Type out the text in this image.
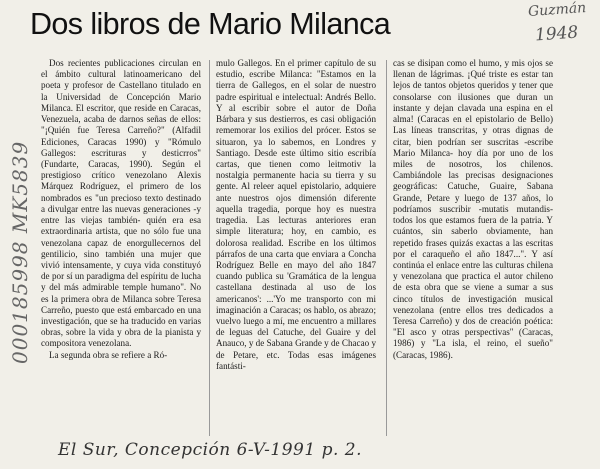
Dos libros de Mario Milanca	Guzmán
1948
000185998 MK5839

Dos recientes publicaciones circulan en el ámbito cultural latinoamericano del poeta y profesor de Castellano titulado en la Universidad de Concepción Mario Milanca. El escritor, que reside en Caracas, Venezuela, acaba de darnos señas de ellos: "¡Quién fue Teresa Carreño?" (Alfadil Ediciones, Caracas 1990) y "Rómulo Gallegos: escrituras y desticrros" (Fundarte, Caracas, 1990). Según el prestigioso crítico venezolano Alexis Márquez Rodríguez, el primero de los nombrados es "un precioso texto destinado a divulgar entre las nuevas generaciones -y entre las viejas también- quién era esa extraordinaria artista, que no sólo fue una venezolana capaz de enorgullecernos del gentilicio, sino también una mujer que vivió intensamente, y cuya vida constituyó de por sí un paradigma del espíritu de lucha y del más admirable temple humano". No es la primera obra de Milanca sobre Teresa Carreño, puesto que está embarcado en una investigación, que se ha traducido en varias obras, sobre la vida y obra de la pianista y compositora venezolana.

La segunda obra se refiere a Ró-

mulo Gallegos. En el primer capítulo de su estudio, escribe Milanca: "Estamos en la tierra de Gallegos, en el solar de nuestro padre espiritual e intelectual: Andrés Bello. Y al escribir sobre el autor de Doña Bárbara y sus destierros, es casi obligación rememorar los exilios del prócer. Estos se situaron, ya lo sabemos, en Londres y Santiago. Desde este último sitio escribía cartas, que tienen como leitmotiv la nostalgia permanente hacia su tierra y su gente. Al releer aquel epistolario, adquiere ante nuestros ojos dimensión diferente aquella tragedia, porque hoy es nuestra tragedia. Las lecturas anteriores eran simple literatura; hoy, en cambio, es dolorosa realidad. Escribe en los últimos párrafos de una carta que enviara a Concha Rodríguez Belle en mayo del año 1847 cuando publica su 'Gramática de la lengua castellana destinada al uso de los americanos': ...'Yo me transporto con mi imaginación a Caracas; os hablo, os abrazo; vuelvo luego a mí, me encuentro a millares de leguas del Catuche, del Guaire y del Anauco, y de Sabana Grande y de Chacao y de Petare, etc. Todas esas imágenes fantásti-

cas se disipan como el humo, y mis ojos se llenan de lágrimas. ¡Qué triste es estar tan lejos de tantos objetos queridos y tener que consolarse con ilusiones que duran un instante y dejan clavada una espina en el alma! (Caracas en el epistolario de Bello) Las líneas transcritas, y otras dignas de citar, bien podrían ser suscritas -escribe Mario Milanca- hoy día por uno de los miles de nosotros, los chilenos. Cambiándole las precisas designaciones geográficas: Catuche, Guaire, Sabana Grande, Petare y luego de 137 años, lo podríamos suscribir -mutatis mutandis- todos los que estamos fuera de la patria. Y cuántos, sin saberlo obviamente, han repetido frases quizás exactas a las escritas por el caraqueño el año 1847...". Y así continúa el enlace entre las culturas chilena y venezolana que practica el autor chileno de esta obra que se viene a sumar a sus cinco títulos de investigación musical venezolana (entre ellos tres dedicados a Teresa Carreño) y dos de creación poética: "El asco y otras perspectivas" (Caracas, 1986) y "La isla, el reino, el sueño" (Caracas, 1986).

El Sur, Concepción 6-V-1991 p. 2.
